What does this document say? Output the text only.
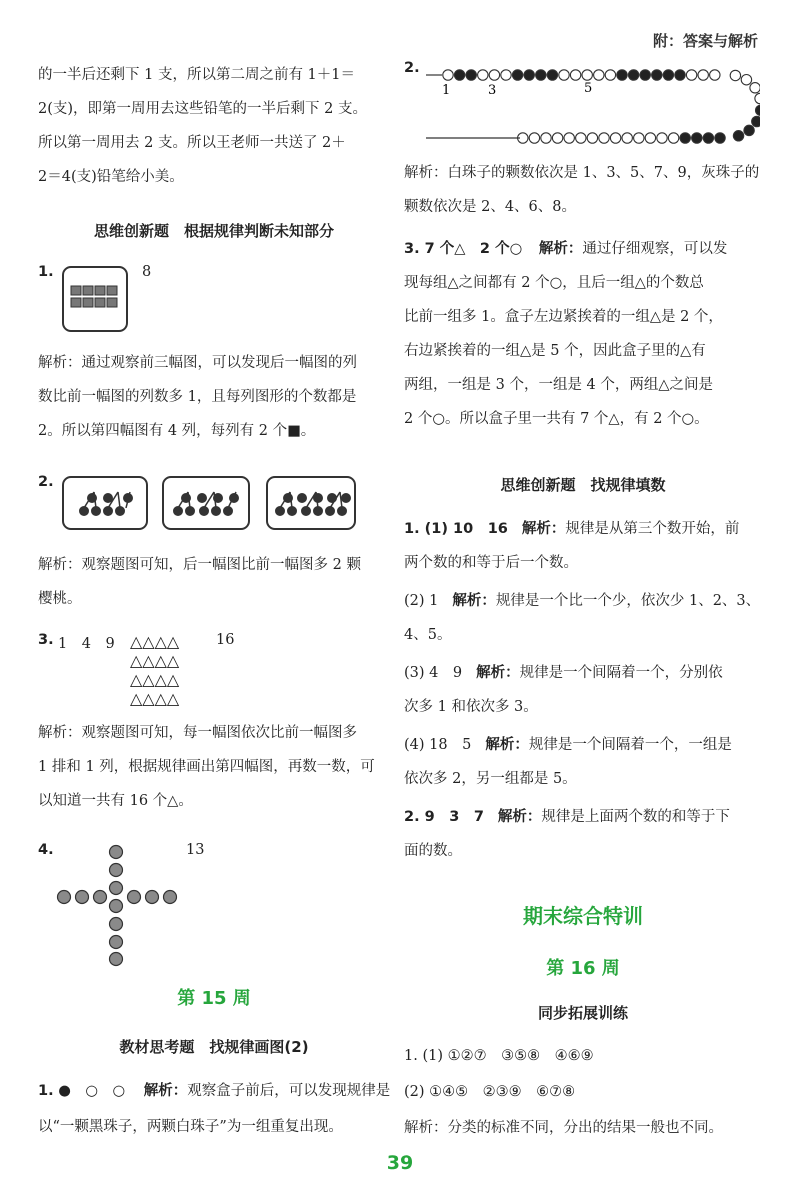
附：答案与解析

的一半后还剩下 1 支，所以第二周之前有 1＋1＝

2(支)，即第一周用去这些铅笔的一半后剩下 2 支。

所以第一周用去 2 支。所以王老师一共送了 2＋

2＝4(支)铅笔给小美。

思维创新题　根据规律判断未知部分
1.	8

解析：通过观察前三幅图，可以发现后一幅图的列

数比前一幅图的列数多 1，且每列图形的个数都是

2。所以第四幅图有 4 列，每列有 2 个■。

2.

解析：观察题图可知，后一幅图比前一幅图多 2 颗

樱桃。

3. 1　4　9 △△△△
△△△△
△△△△
△△△△
16

解析：观察题图可知，每一幅图依次比前一幅图多

1 排和 1 列，根据规律画出第四幅图，再数一数，可

以知道一共有 16 个△。

4.	13
第 15 周
教材思考题　找规律画图(2)
1. ●　○　○ 解析：观察盒子前后，可以发现规律是

以“一颗黑珠子，两颗白珠子”为一组重复出现。

2.
1	3	5

解析：白珠子的颗数依次是 1、3、5、7、9，灰珠子的

颗数依次是 2、4、6、8。

3. 7 个△　2 个○ 解析：通过仔细观察，可以发

现每组△之间都有 2 个○，且后一组△的个数总

比前一组多 1。盒子左边紧挨着的一组△是 2 个，

右边紧挨着的一组△是 5 个，因此盒子里的△有

两组，一组是 3 个，一组是 4 个，两组△之间是

2 个○。所以盒子里一共有 7 个△，有 2 个○。

思维创新题　找规律填数
1. (1) 10　16 解析：规律是从第三个数开始，前
两个数的和等于后一个数。
(2) 1 解析：规律是一个比一个少，依次少 1、2、3、
4、5。
(3) 4　9 解析：规律是一个间隔着一个，分别依
次多 1 和依次多 3。
(4) 18　5 解析：规律是一个间隔着一个，一组是
依次多 2，另一组都是 5。
2. 9　3　7 解析：规律是上面两个数的和等于下
面的数。
期末综合特训
第 16 周
同步拓展训练
1. (1) ①②⑦　③⑤⑧　④⑥⑨
(2) ①④⑤　②③⑨　⑥⑦⑧
解析：分类的标准不同，分出的结果一般也不同。
39
